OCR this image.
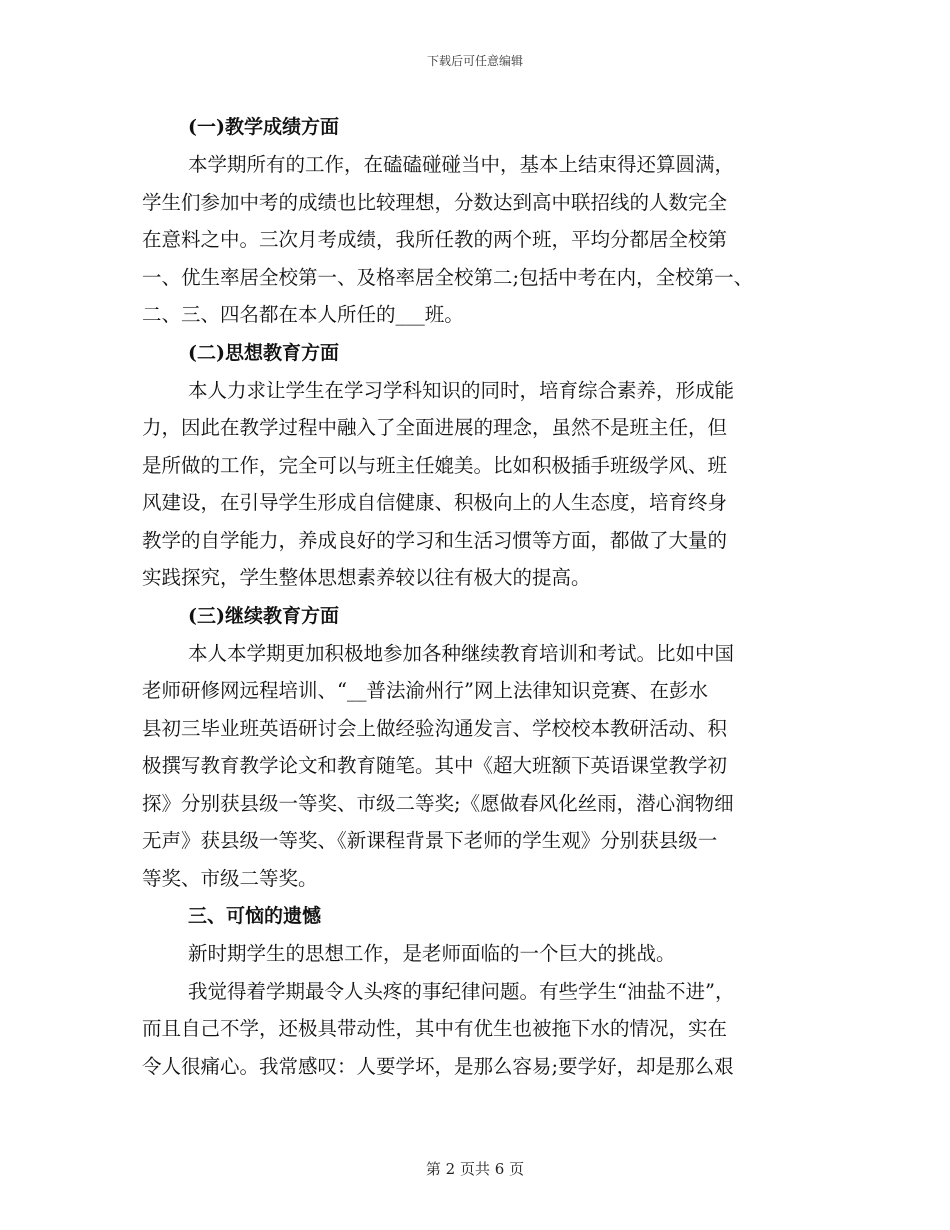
下载后可任意编辑
(一)教学成绩方面
本学期所有的工作，在磕磕碰碰当中，基本上结束得还算圆满，
学生们参加中考的成绩也比较理想，分数达到高中联招线的人数完全
在意料之中。三次月考成绩，我所任教的两个班，平均分都居全校第
一、优生率居全校第一、及格率居全校第二;包括中考在内，全校第一、
二、三、四名都在本人所任的___班。
(二)思想教育方面
本人力求让学生在学习学科知识的同时，培育综合素养，形成能
力，因此在教学过程中融入了全面进展的理念，虽然不是班主任，但
是所做的工作，完全可以与班主任媲美。比如积极插手班级学风、班
风建设，在引导学生形成自信健康、积极向上的人生态度，培育终身
教学的自学能力，养成良好的学习和生活习惯等方面，都做了大量的
实践探究，学生整体思想素养较以往有极大的提高。
(三)继续教育方面
本人本学期更加积极地参加各种继续教育培训和考试。比如中国
老师研修网远程培训、“__普法渝州行”网上法律知识竞赛、在彭水
县初三毕业班英语研讨会上做经验沟通发言、学校校本教研活动、积
极撰写教育教学论文和教育随笔。其中《超大班额下英语课堂教学初
探》分别获县级一等奖、市级二等奖;《愿做春风化丝雨，潜心润物细
无声》获县级一等奖、《新课程背景下老师的学生观》分别获县级一
等奖、市级二等奖。
三、可恼的遗憾
新时期学生的思想工作，是老师面临的一个巨大的挑战。
我觉得着学期最令人头疼的事纪律问题。有些学生“油盐不进”，
而且自己不学，还极具带动性，其中有优生也被拖下水的情况，实在
令人很痛心。我常感叹：人要学坏，是那么容易;要学好，却是那么艰
第 2 页共 6 页
